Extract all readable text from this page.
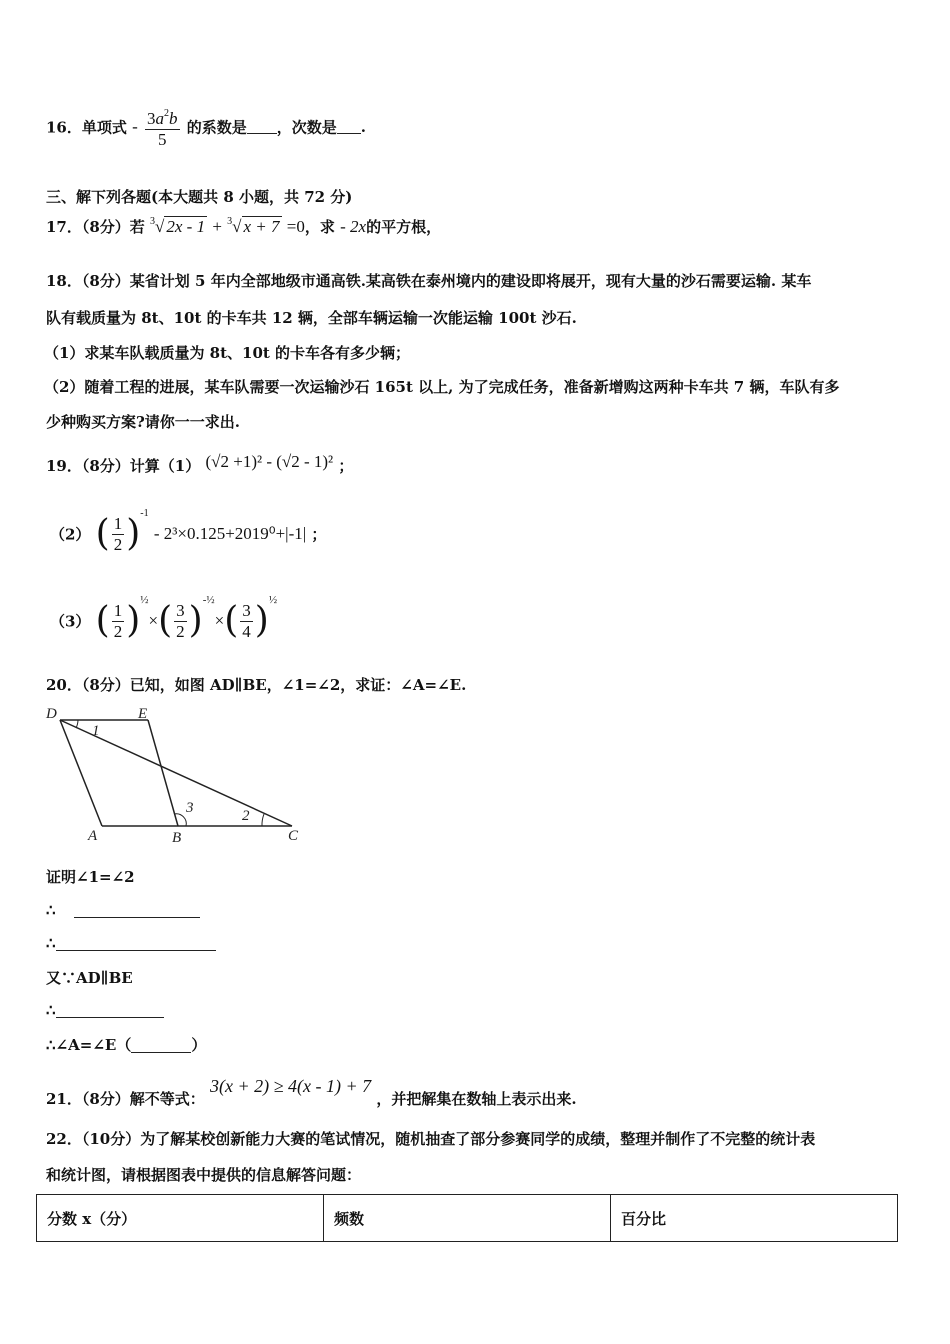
16．单项式 - $\frac{3a^2b}{5}$ 的系数是 ，次数是 .
三、解下列各题(本大题共 8 小题，共 72 分)
17．（8分）若 $^3$√ 2x - 1 + $^3$√ x + 7 =0，求 - 2x的平方根，
18．（8分）某省计划 5 年内全部地级市通高铁.某高铁在泰州境内的建设即将展开，现有大量的沙石需要运输. 某车
队有载质量为 8t、10t 的卡车共 12 辆，全部车辆运输一次能运输 100t 沙石.
（1）求某车队载质量为 8t、10t 的卡车各有多少辆；
（2）随着工程的进展，某车队需要一次运输沙石 165t 以上, 为了完成任务，准备新增购这两种卡车共 7 辆，车队有多
少种购买方案?请你一一求出.
19．（8分）计算（1） (√2 +1)² - (√2 - 1)² ；
（2） ( $\frac{1}{2} )^{-1} - 2^3\times 0.125+2019^0+|-1|$ ；
（3） ( $\frac{1}{2} )^{\frac{1}{2}}\times( \frac{3}{2} )^{-\frac{1}{2}}\times( \frac{3}{4} )^{\frac{1}{2}}$
20．（8分）已知，如图 AD∥BE，∠1=∠2，求证：∠A=∠E.
D	E
A	B	C
1
2
3
证明∠1=∠2
∴
∴
又∵AD∥BE
∴
∴∠A=∠E（	）
21．（8分）解不等式： 3(x + 2) ≥ 4(x - 1) + 7 ，并把解集在数轴上表示出来.
22．（10分）为了解某校创新能力大赛的笔试情况，随机抽查了部分参赛同学的成绩，整理并制作了不完整的统计表
和统计图，请根据图表中提供的信息解答问题：
分数 x（分）	频数	百分比
